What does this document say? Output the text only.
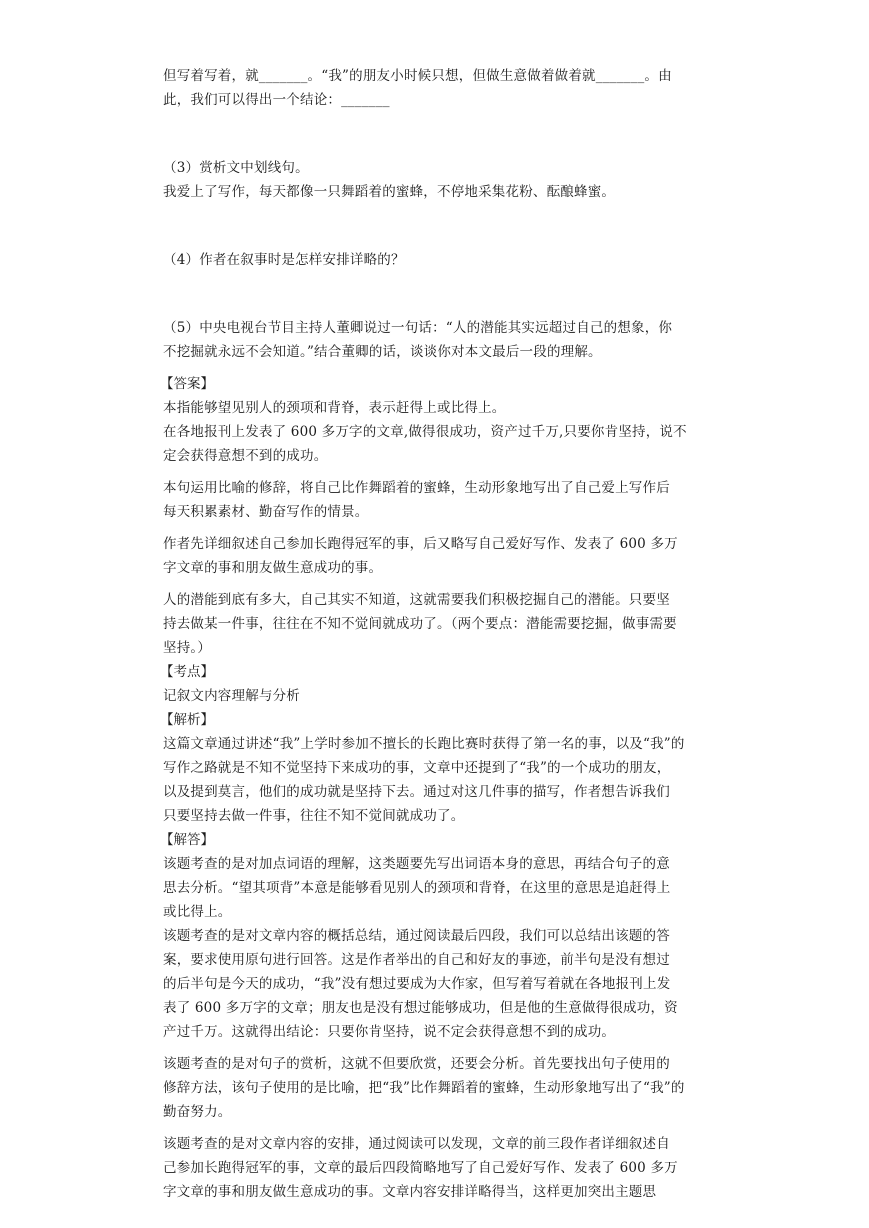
但写着写着，就_______。“我”的朋友小时候只想，但做生意做着做着就_______。由

此，我们可以得出一个结论：_______

（3）赏析文中划线句。

我爱上了写作，每天都像一只舞蹈着的蜜蜂，不停地采集花粉、酝酿蜂蜜。

（4）作者在叙事时是怎样安排详略的？

（5）中央电视台节目主持人董卿说过一句话：“人的潜能其实远超过自己的想象，你

不挖掘就永远不会知道。”结合董卿的话，谈谈你对本文最后一段的理解。

【答案】

本指能够望见别人的颈项和背脊，表示赶得上或比得上。

在各地报刊上发表了 600 多万字的文章,做得很成功，资产过千万,只要你肯坚持，说不

定会获得意想不到的成功。

本句运用比喻的修辞，将自己比作舞蹈着的蜜蜂，生动形象地写出了自己爱上写作后

每天积累素材、勤奋写作的情景。

作者先详细叙述自己参加长跑得冠军的事，后又略写自己爱好写作、发表了 600 多万

字文章的事和朋友做生意成功的事。

人的潜能到底有多大，自己其实不知道，这就需要我们积极挖掘自己的潜能。只要坚

持去做某一件事，往往在不知不觉间就成功了。（两个要点：潜能需要挖掘，做事需要

坚持。）

【考点】

记叙文内容理解与分析

【解析】

这篇文章通过讲述“我”上学时参加不擅长的长跑比赛时获得了第一名的事，以及“我”的

写作之路就是不知不觉坚持下来成功的事，文章中还提到了“我”的一个成功的朋友，

以及提到莫言，他们的成功就是坚持下去。通过对这几件事的描写，作者想告诉我们

只要坚持去做一件事，往往不知不觉间就成功了。

【解答】

该题考查的是对加点词语的理解，这类题要先写出词语本身的意思，再结合句子的意

思去分析。“望其项背”本意是能够看见别人的颈项和背脊，在这里的意思是追赶得上

或比得上。

该题考查的是对文章内容的概括总结，通过阅读最后四段，我们可以总结出该题的答

案，要求使用原句进行回答。这是作者举出的自己和好友的事迹，前半句是没有想过

的后半句是今天的成功，“我”没有想过要成为大作家，但写着写着就在各地报刊上发

表了 600 多万字的文章；朋友也是没有想过能够成功，但是他的生意做得很成功，资

产过千万。这就得出结论：只要你肯坚持，说不定会获得意想不到的成功。

该题考查的是对句子的赏析，这就不但要欣赏，还要会分析。首先要找出句子使用的

修辞方法，该句子使用的是比喻，把“我”比作舞蹈着的蜜蜂，生动形象地写出了“我”的

勤奋努力。

该题考查的是对文章内容的安排，通过阅读可以发现，文章的前三段作者详细叙述自

己参加长跑得冠军的事，文章的最后四段简略地写了自己爱好写作、发表了 600 多万

字文章的事和朋友做生意成功的事。文章内容安排详略得当，这样更加突出主题思
